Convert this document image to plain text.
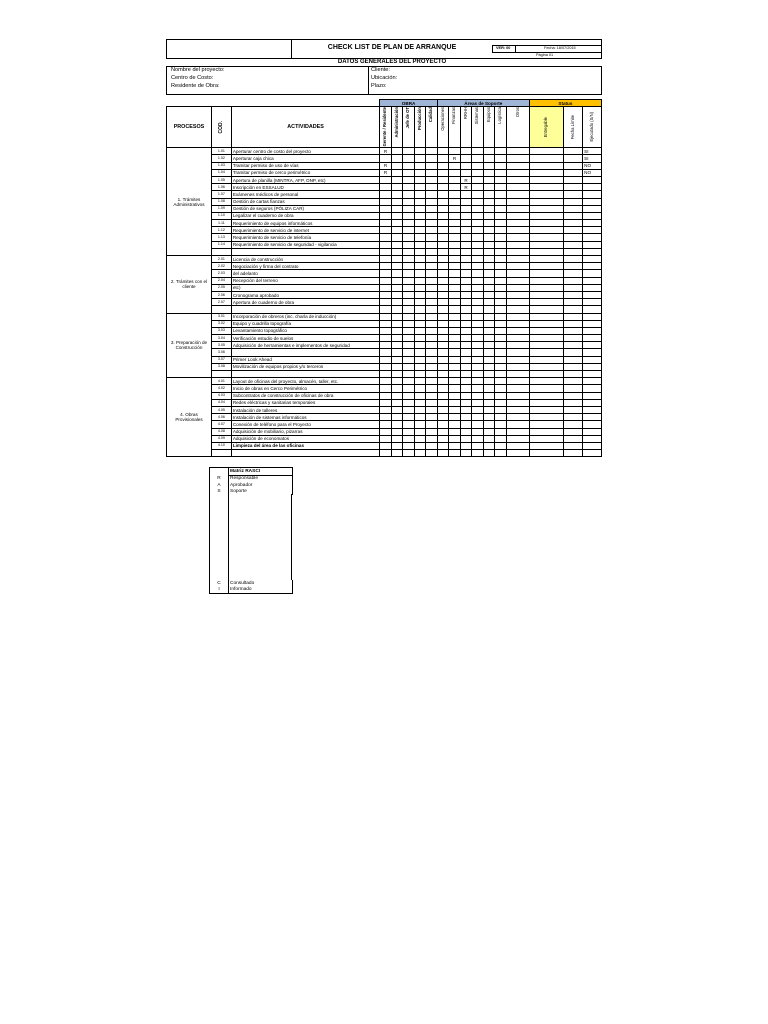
CHECK LIST DE PLAN DE ARRANQUE	VER: 00	Fecha: 18/07/2015
Página 01
DATOS GENERALES DEL PROYECTO
Nombre del proyecto:
Centro de Costo:
Residente de Obra:
Cliente:
Ubicación:
Plazo:
			OBRA					Áreas de Soporte							Status		
PROCESOS	COD.	ACTIVIDADES	Gerente / Residente	Administración	Jefe de OT	Producción	Calidad	Operaciones	Finanzas	RRHH	Sistemas	Equipos	Logística	Otros	Entregable	Fecha Límite	Ejecutado (S/N)

1. Trámites Administrativos	1.01	Aperturar centro de costo del proyecto	R														SI
	1.02	Aperturar caja chica							R								SI
	1.03	Tramitar permiso de uso de vías	R														NO
	1.04	Tramitar permiso de cerco perimétrico	R														NO
	1.05	Apertura de planilla (MINTRA, AFP, ONP, etc)								R							
	1.06	Inscripción en ESSALUD								R							
	1.07	Exámenes médicos de personal															
	1.08	Gestión de cartas fianzas															
	1.09	Gestión de seguros (PÓLIZA CAR)															
	1.10	Legalizar el cuaderno de obra															
	1.11	Requerimiento de equipos informáticos															
	1.12	Requerimiento de servicio de internet															
	1.13	Requerimiento de servicio de telefonía															
	1.14	Requerimiento de servicio de seguridad - vigilancia															

2. Trámites con el cliente	2.01	Licencia de construcción															
	2.02	Negociación y firma del contrato															
	2.03	del adelanto															
	2.04	Recepción del terreno															
	2.05	etc)															
	2.06	Cronograma aprobado															
	2.07	Apertura de cuaderno de obra															

3. Preparación de Construcción	3.01	Incorporación de obreros (inc. charla de inducción)															
	3.02	Equipo y cuadrilla topografía															
	3.03	Levantamiento topográfico															
	3.04	Verificación estudio de suelos															
	3.05	Adquisición de herramientas e implementos de seguridad															
	3.06																
	3.07	Primer Look Ahead															
	3.08	Movilización de equipos propios y/o terceros															

4. Obras Provisionales	4.01	Layout de oficinas del proyecto, almacén, taller, etc.															
	4.02	Inicio de obras en Cerco Perimétrico															
	4.03	Subcontratos de construcción de oficinas de obra															
	4.04	Redes eléctricas y sanitarias temporales															
	4.05	Instalación de talleres															
	4.06	Instalación de sistemas informáticos															
	4.07	Conexión de teléfono para el Proyecto															
	4.08	Adquisición de mobiliario, pizarras															
	4.09	Adquisición de economatos															
	4.10	Limpieza del área de las oficinas															

	Matriz RASCI
R	Responsable
A	Aprobador
S	Soporte
C	Consultado
I	Informado
